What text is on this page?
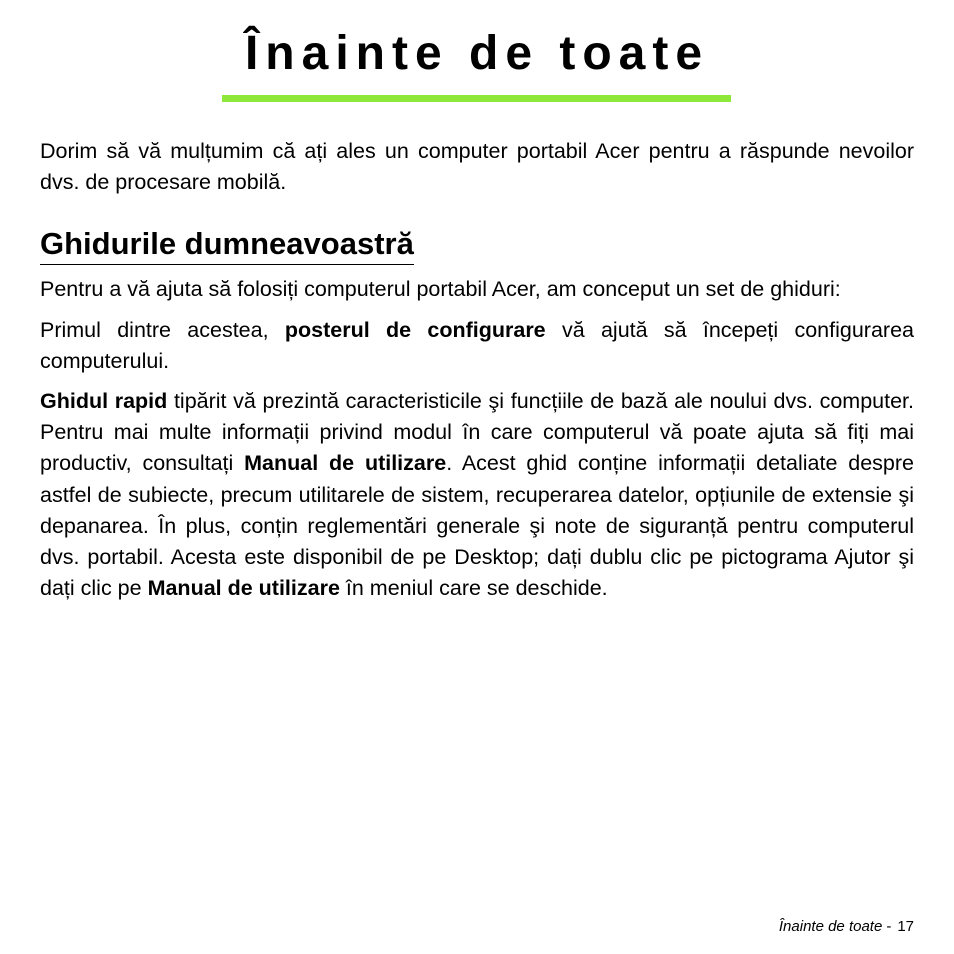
Înainte de toate

Dorim să vă mulțumim că ați ales un computer portabil Acer pentru a răspunde nevoilor dvs. de procesare mobilă.

Ghidurile dumneavoastră

Pentru a vă ajuta să folosiți computerul portabil Acer, am conceput un set de ghiduri:

Primul dintre acestea, posterul de configurare vă ajută să începeți configurarea computerului.

Ghidul rapid tipărit vă prezintă caracteristicile şi funcțiile de bază ale noului dvs. computer. Pentru mai multe informații privind modul în care computerul vă poate ajuta să fiți mai productiv, consultați Manual de utilizare. Acest ghid conține informații detaliate despre astfel de subiecte, precum utilitarele de sistem, recuperarea datelor, opțiunile de extensie şi depanarea. În plus, conțin reglementări generale şi note de siguranță pentru computerul dvs. portabil. Acesta este disponibil de pe Desktop; dați dublu clic pe pictograma Ajutor şi dați clic pe Manual de utilizare în meniul care se deschide.

Înainte de toate - 17
